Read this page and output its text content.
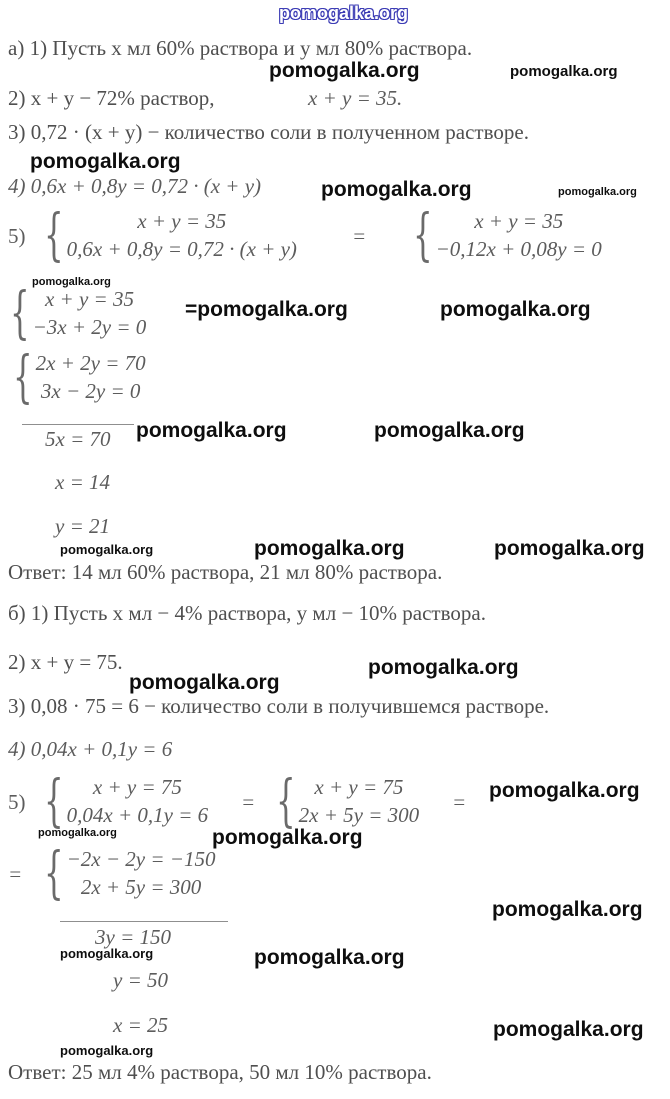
pomogalka.org
а) 1) Пусть x мл 60% раствора и y мл 80% раствора.
pomogalka.org	pomogalka.org
2) x + y − 72% раствор,	x + y = 35.
3) 0,72 · (x + y) − количество соли в полученном растворе.
pomogalka.org
4) 0,6x + 0,8y = 0,72 · (x + y)	pomogalka.org	pomogalka.org
5) {	x + y = 35
0,6x + 0,8y = 0,72 · (x + y)
= { x + y = 35
−0,12x + 0,08y = 0
pomogalka.org
{ x + y = 35
−3x + 2y = 0
= pomogalka.org	pomogalka.org
{ 2x + 2y = 70
3x − 2y = 0
5x = 70 pomogalka.org	pomogalka.org
x = 14
y = 21
pomogalka.org	pomogalka.org	pomogalka.org
Ответ: 14 мл 60% раствора, 21 мл 80% раствора.
б) 1) Пусть x мл − 4% раствора, y мл − 10% раствора.
2) x + y = 75.	pomogalka.org
pomogalka.org
3) 0,08 · 75 = 6 − количество соли в получившемся растворе.
4) 0,04x + 0,1y = 6
5) { x + y = 75
0,04x + 0,1y = 6
= { x + y = 75
2x + 5y = 300
= pomogalka.org
pomogalka.org	pomogalka.org
= { −2x − 2y = −150
2x + 5y = 300
pomogalka.org
3y = 150
pomogalka.org	pomogalka.org
y = 50
x = 25	pomogalka.org
pomogalka.org
Ответ: 25 мл 4% раствора, 50 мл 10% раствора.
